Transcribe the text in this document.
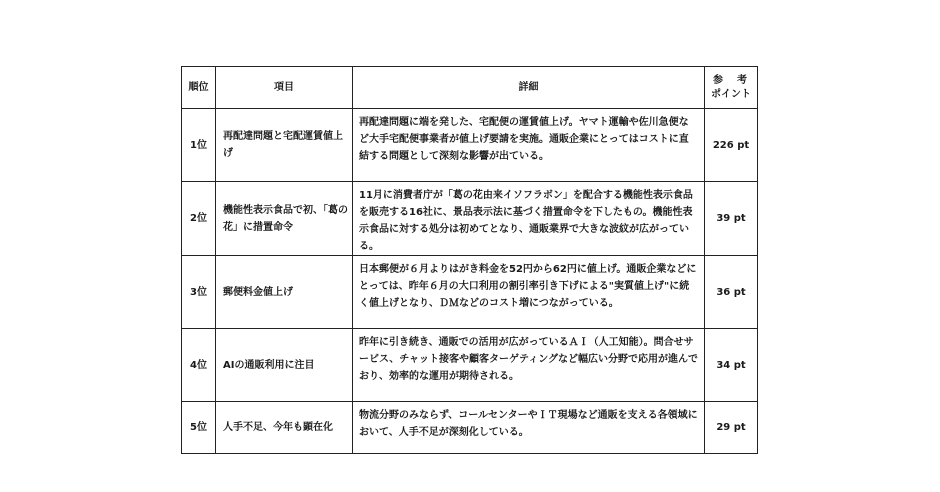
順位	項目	詳細	参　考
ポイント

1位	再配達問題と宅配運賃値上げ	再配達問題に端を発した、宅配便の運賃値上げ。ヤマト運輸や佐川急便など大手宅配便事業者が値上げ要請を実施。通販企業にとってはコストに直結する問題として深刻な影響が出ている。	226 pt
2位	機能性表示食品で初、「葛の花」に措置命令	11月に消費者庁が「葛の花由来イソフラボン」を配合する機能性表示食品を販売する16社に、景品表示法に基づく措置命令を下したもの。機能性表示食品に対する処分は初めてとなり、通販業界で大きな波紋が広がっている。	39 pt
3位	郵便料金値上げ	日本郵便が６月よりはがき料金を52円から62円に値上げ。通販企業などにとっては、昨年６月の大口利用の割引率引き下げによる"実質値上げ"に続く値上げとなり、ＤＭなどのコスト増につながっている。	36 pt
4位	AIの通販利用に注目	昨年に引き続き、通販での活用が広がっているＡＩ（人工知能）。問合せサービス、チャット接客や顧客ターゲティングなど幅広い分野で応用が進んでおり、効率的な運用が期待される。	34 pt
5位	人手不足、今年も顕在化	物流分野のみならず、コールセンターやＩＴ現場など通販を支える各領域において、人手不足が深刻化している。	29 pt
